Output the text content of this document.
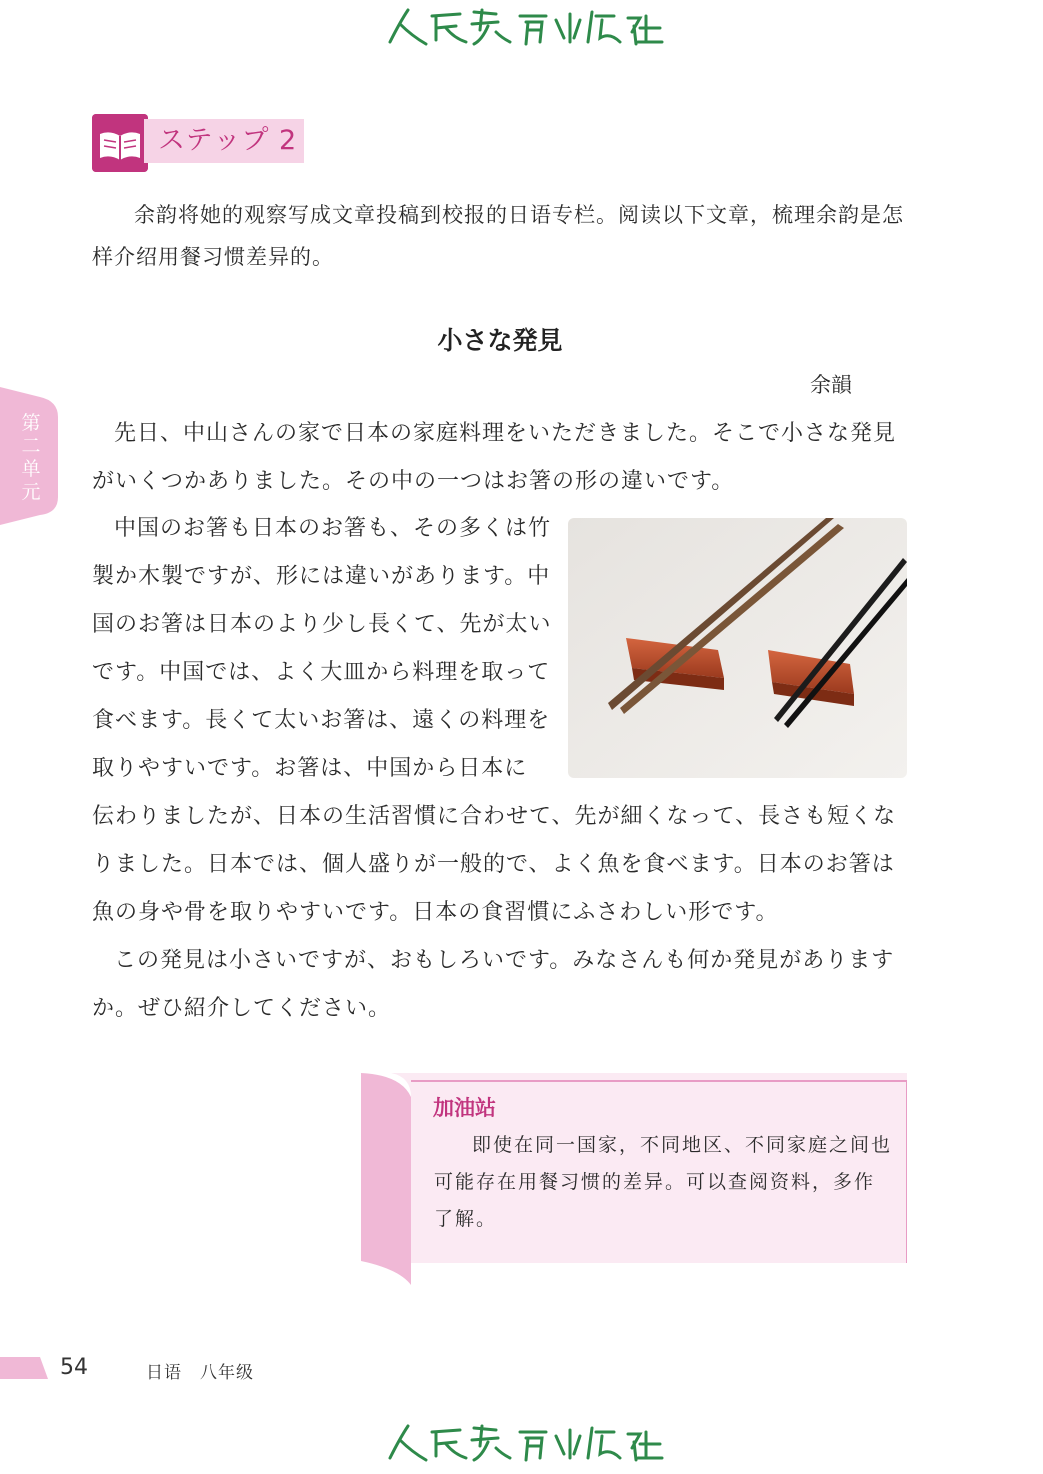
ステップ 2
余韵将她的观察写成文章投稿到校报的日语专栏。阅读以下文章，梳理余韵是怎样介绍用餐习惯差异的。
小さな発見
余韻
第二单元
先日、中山さんの家で日本の家庭料理をいただきました。そこで小さな発見がいくつかありました。その中の一つはお箸の形の違いです。
中国のお箸も日本のお箸も、その多くは竹製か木製ですが、形には違いがあります。中国のお箸は日本のより少し長くて、先が太いです。中国では、よく大皿から料理を取って食べます。長くて太いお箸は、遠くの料理を取りやすいです。お箸は、中国から日本に
伝わりましたが、日本の生活習慣に合わせて、先が細くなって、長さも短くなりました。日本では、個人盛りが一般的で、よく魚を食べます。日本のお箸は魚の身や骨を取りやすいです。日本の食習慣にふさわしい形です。
この発見は小さいですが、おもしろいです。みなさんも何か発見がありますか。ぜひ紹介してください。
加油站
即使在同一国家，不同地区、不同家庭之间也可能存在用餐习惯的差异。可以查阅资料，多作了解。
54	日语　八年级
